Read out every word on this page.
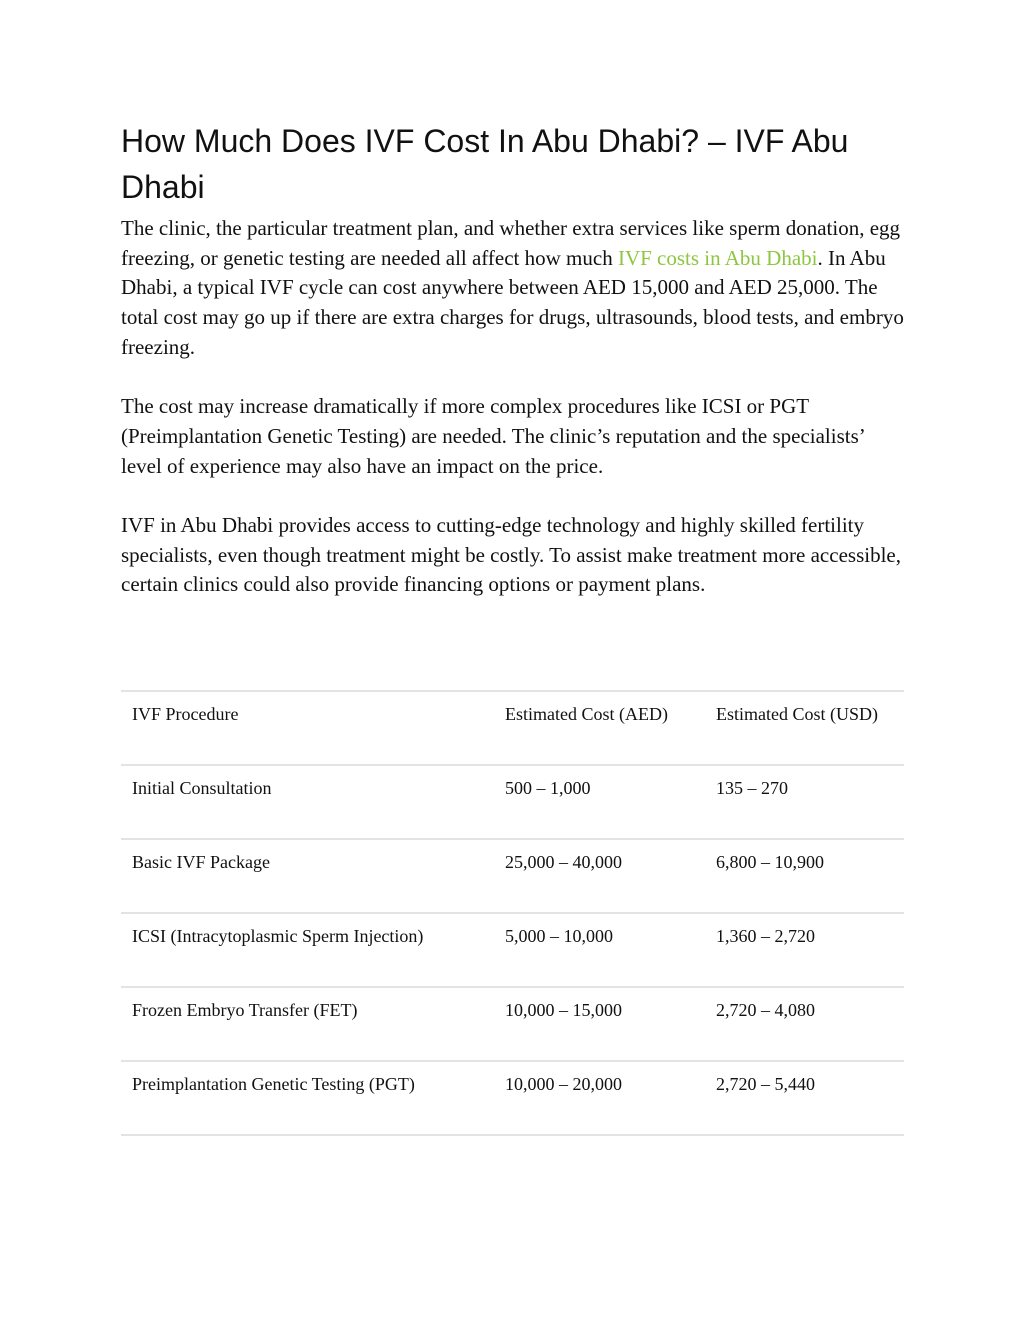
How Much Does IVF Cost In Abu Dhabi? – IVF Abu Dhabi

The clinic, the particular treatment plan, and whether extra services like sperm donation, egg freezing, or genetic testing are needed all affect how much IVF costs in Abu Dhabi. In Abu Dhabi, a typical IVF cycle can cost anywhere between AED 15,000 and AED 25,000. The total cost may go up if there are extra charges for drugs, ultrasounds, blood tests, and embryo freezing.

The cost may increase dramatically if more complex procedures like ICSI or PGT (Preimplantation Genetic Testing) are needed. The clinic’s reputation and the specialists’ level of experience may also have an impact on the price.

IVF in Abu Dhabi provides access to cutting-edge technology and highly skilled fertility specialists, even though treatment might be costly. To assist make treatment more accessible, certain clinics could also provide financing options or payment plans.

IVF Procedure	Estimated Cost (AED)	Estimated Cost (USD)
Initial Consultation	500 – 1,000	135 – 270
Basic IVF Package	25,000 – 40,000	6,800 – 10,900
ICSI (Intracytoplasmic Sperm Injection)	5,000 – 10,000	1,360 – 2,720
Frozen Embryo Transfer (FET)	10,000 – 15,000	2,720 – 4,080
Preimplantation Genetic Testing (PGT)	10,000 – 20,000	2,720 – 5,440
